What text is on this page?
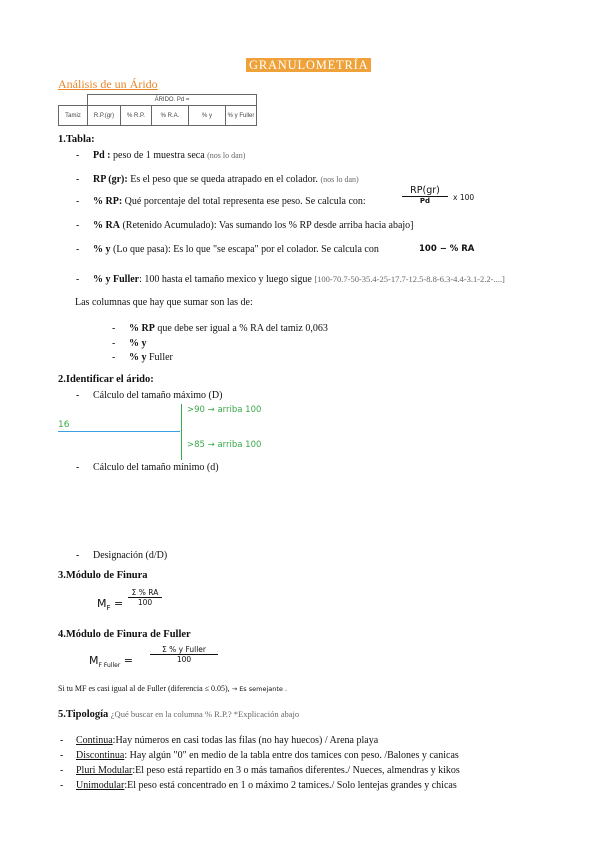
GRANULOMETRÍA
Análisis de un Árido
	ÁRIDO. Pd =				
Tamiz	R.P.(gr)	% R.P.	% R.A.	% y	% y Fuller
1.Tabla:
- Pd : peso de 1 muestra seca (nos lo dan)
- RP (gr): Es el peso que se queda atrapado en el colador. (nos lo dan)
- % RP: Qué porcentaje del total representa ese peso. Se calcula con:
RP(gr)
Pd	x 100
- % RA (Retenido Acumulado): Vas sumando los % RP desde arriba hacia abajo]
- % y (Lo que pasa): Es lo que "se escapa" por el colador. Se calcula con	100 − % RA
- % y Fuller: 100 hasta el tamaño mexico y luego sigue [100-70.7-50-35.4-25-17.7-12.5-8.8-6.3-4.4-3.1-2.2-....]
Las columnas que hay que sumar son las de:
- % RP que debe ser igual a % RA del tamiz 0,063
- % y
- % y Fuller
2.Identificar el árido:
- Cálculo del tamaño máximo (D)
16
>90 → arriba 100
>85 → arriba 100
- Cálculo del tamaño mínimo (d)
- Designación (d/D)
3.Módulo de Finura
$M_F = \frac{\Sigma \% RA}{100}$
4.Módulo de Finura de Fuller
$M_{F Fuller}$ =
Σ % y Fuller
100
Si tu MF es casi igual al de Fuller (diferencia ≤ 0.05), → Es semejante .
5.Tipología ¿Qué buscar en la columna % R.P.? *Explicación abajo
- Continua:Hay números en casi todas las filas (no hay huecos) / Arena playa
- Discontinua: Hay algún "0" en medio de la tabla entre dos tamices con peso. /Balones y canicas
- Pluri Modular:El peso está repartido en 3 o más tamaños diferentes./ Nueces, almendras y kikos
- Unimodular:El peso está concentrado en 1 o máximo 2 tamices./ Solo lentejas grandes y chicas
